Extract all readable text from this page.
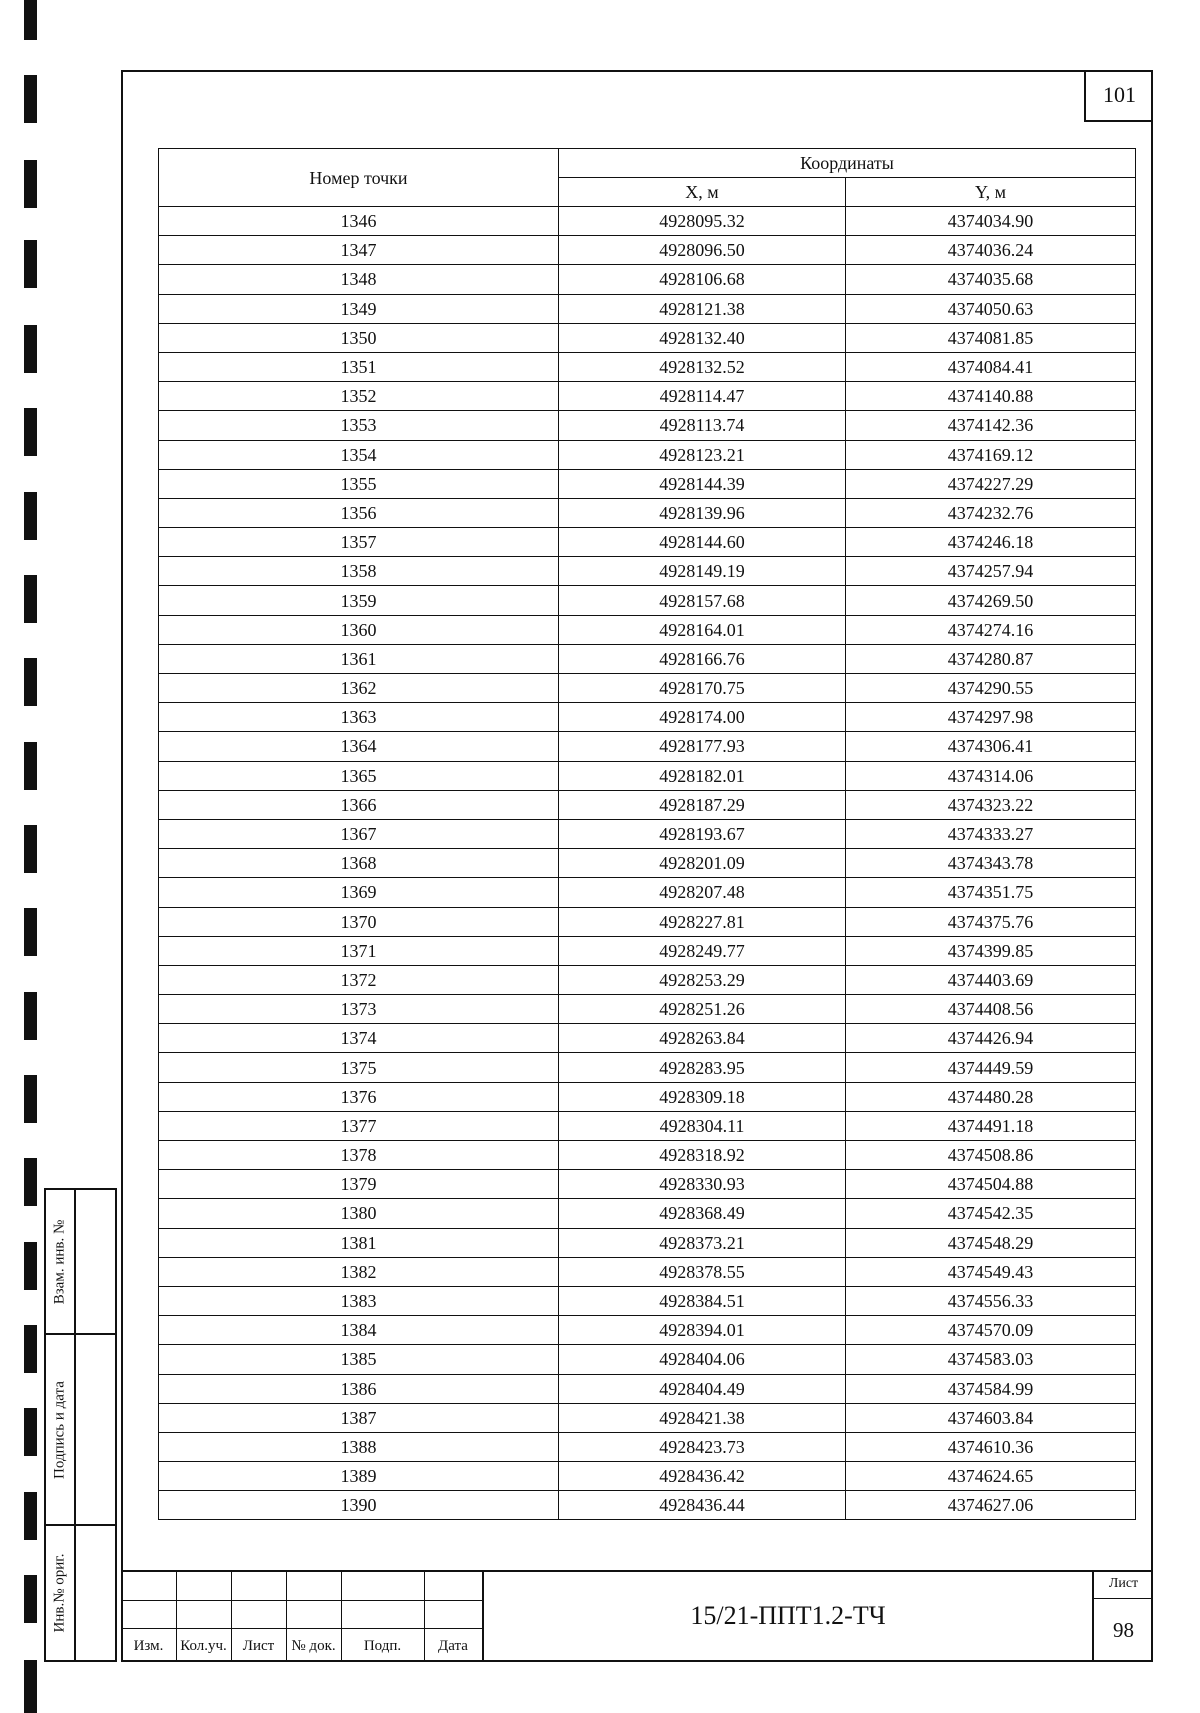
101
Номер точки	Координаты	
	X, м	Y, м
1346	4928095.32	4374034.90
1347	4928096.50	4374036.24
1348	4928106.68	4374035.68
1349	4928121.38	4374050.63
1350	4928132.40	4374081.85
1351	4928132.52	4374084.41
1352	4928114.47	4374140.88
1353	4928113.74	4374142.36
1354	4928123.21	4374169.12
1355	4928144.39	4374227.29
1356	4928139.96	4374232.76
1357	4928144.60	4374246.18
1358	4928149.19	4374257.94
1359	4928157.68	4374269.50
1360	4928164.01	4374274.16
1361	4928166.76	4374280.87
1362	4928170.75	4374290.55
1363	4928174.00	4374297.98
1364	4928177.93	4374306.41
1365	4928182.01	4374314.06
1366	4928187.29	4374323.22
1367	4928193.67	4374333.27
1368	4928201.09	4374343.78
1369	4928207.48	4374351.75
1370	4928227.81	4374375.76
1371	4928249.77	4374399.85
1372	4928253.29	4374403.69
1373	4928251.26	4374408.56
1374	4928263.84	4374426.94
1375	4928283.95	4374449.59
1376	4928309.18	4374480.28
1377	4928304.11	4374491.18
1378	4928318.92	4374508.86
1379	4928330.93	4374504.88
1380	4928368.49	4374542.35
1381	4928373.21	4374548.29
1382	4928378.55	4374549.43
1383	4928384.51	4374556.33
1384	4928394.01	4374570.09
1385	4928404.06	4374583.03
1386	4928404.49	4374584.99
1387	4928421.38	4374603.84
1388	4928423.73	4374610.36
1389	4928436.42	4374624.65
1390	4928436.44	4374627.06
Взам. инв. №
Подпись и дата
Инв.№ ориг.
Изм.	Кол.уч.	Лист	№ док.	Подп.	Дата
15/21-ППТ1.2-ТЧ
Лист
98
